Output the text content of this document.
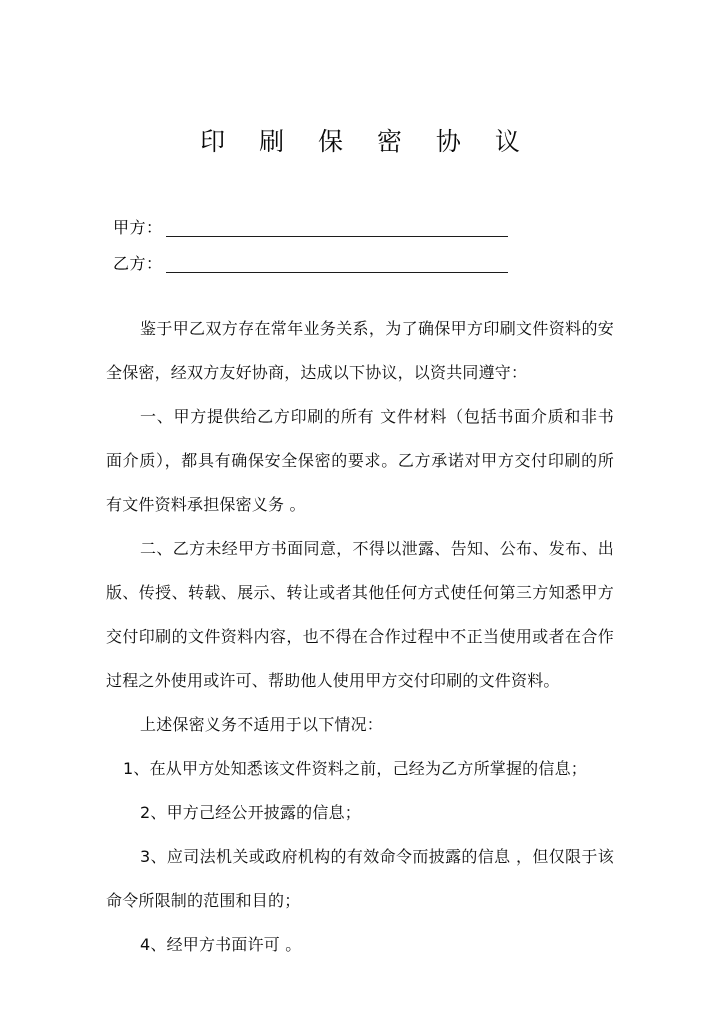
印 刷 保 密 协 议
甲方：
乙方：

鉴于甲乙双方存在常年业务关系，为了确保甲方印刷文件资料的安全保密，经双方友好协商，达成以下协议，以资共同遵守：

一、甲方提供给乙方印刷的所有 文件材料（包括书面介质和非书面介质），都具有确保安全保密的要求。乙方承诺对甲方交付印刷的所有文件资料承担保密义务 。

二、乙方未经甲方书面同意，不得以泄露、告知、公布、发布、出版、传授、转载、展示、转让或者其他任何方式使任何第三方知悉甲方交付印刷的文件资料内容，也不得在合作过程中不正当使用或者在合作过程之外使用或许可、帮助他人使用甲方交付印刷的文件资料。

上述保密义务不适用于以下情况：

1、在从甲方处知悉该文件资料之前，己经为乙方所掌握的信息；

2、甲方己经公开披露的信息；

3、应司法机关或政府机构的有效命令而披露的信息 ，但仅限于该命令所限制的范围和目的；

4、经甲方书面许可 。
